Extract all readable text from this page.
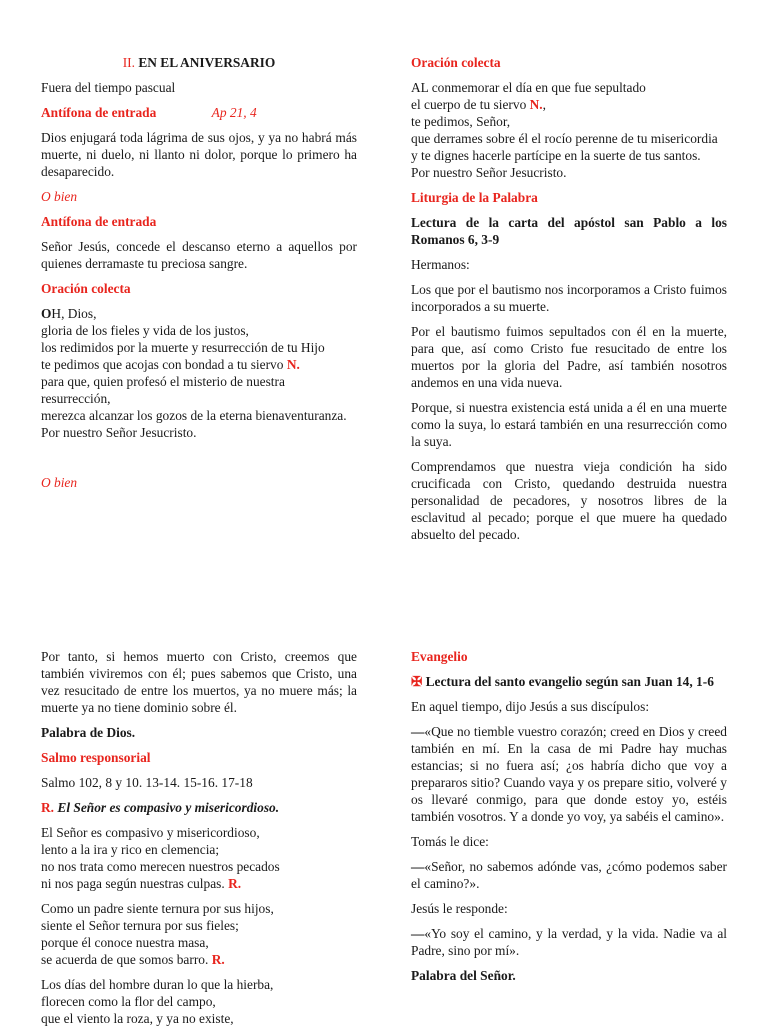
II. EN EL ANIVERSARIO

Fuera del tiempo pascual

Antífona de entrada	Ap 21, 4

Dios enjugará toda lágrima de sus ojos, y ya no habrá más muerte, ni duelo, ni llanto ni dolor, porque lo primero ha desaparecido.

O bien

Antífona de entrada

Señor Jesús, concede el descanso eterno a aquellos por quienes derramaste tu preciosa sangre.

Oración colecta

OH, Dios,
gloria de los fieles y vida de los justos,
los redimidos por la muerte y resurrección de tu Hijo
te pedimos que acojas con bondad a tu siervo N.
para que, quien profesó el misterio de nuestra
resurrección,
merezca alcanzar los gozos de la eterna bienaventuranza.
Por nuestro Señor Jesucristo.

O bien

Oración colecta

AL conmemorar el día en que fue sepultado
el cuerpo de tu siervo N.,
te pedimos, Señor,
que derrames sobre él el rocío perenne de tu misericordia
y te dignes hacerle partícipe en la suerte de tus santos.
Por nuestro Señor Jesucristo.

Liturgia de la Palabra

Lectura de la carta del apóstol san Pablo a los Romanos 6, 3-9

Hermanos:

Los que por el bautismo nos incorporamos a Cristo fuimos incorporados a su muerte.

Por el bautismo fuimos sepultados con él en la muerte, para que, así como Cristo fue resucitado de entre los muertos por la gloria del Padre, así también nosotros andemos en una vida nueva.

Porque, si nuestra existencia está unida a él en una muerte como la suya, lo estará también en una resurrección como la suya.

Comprendamos que nuestra vieja condición ha sido crucificada con Cristo, quedando destruida nuestra personalidad de pecadores, y nosotros libres de la esclavitud al pecado; porque el que muere ha quedado absuelto del pecado.

Por tanto, si hemos muerto con Cristo, creemos que también viviremos con él; pues sabemos que Cristo, una vez resucitado de entre los muertos, ya no muere más; la muerte ya no tiene dominio sobre él.

Palabra de Dios.

Salmo responsorial

Salmo 102, 8 y 10. 13-14. 15-16. 17-18

R. El Señor es compasivo y misericordioso.

El Señor es compasivo y misericordioso,
lento a la ira y rico en clemencia;
no nos trata como merecen nuestros pecados
ni nos paga según nuestras culpas. R.
Como un padre siente ternura por sus hijos,
siente el Señor ternura por sus fieles;
porque él conoce nuestra masa,
se acuerda de que somos barro. R.
Los días del hombre duran lo que la hierba,
florecen como la flor del campo,
que el viento la roza, y ya no existe,

Evangelio

✠ Lectura del santo evangelio según san Juan 14, 1-6

En aquel tiempo, dijo Jesús a sus discípulos:

—«Que no tiemble vuestro corazón; creed en Dios y creed también en mí. En la casa de mi Padre hay muchas estancias; si no fuera así; ¿os habría dicho que voy a prepararos sitio? Cuando vaya y os prepare sitio, volveré y os llevaré conmigo, para que donde estoy yo, estéis también vosotros. Y a donde yo voy, ya sabéis el camino».

Tomás le dice:

—«Señor, no sabemos adónde vas, ¿cómo podemos saber el camino?».

Jesús le responde:

—«Yo soy el camino, y la verdad, y la vida. Nadie va al Padre, sino por mí».

Palabra del Señor.
